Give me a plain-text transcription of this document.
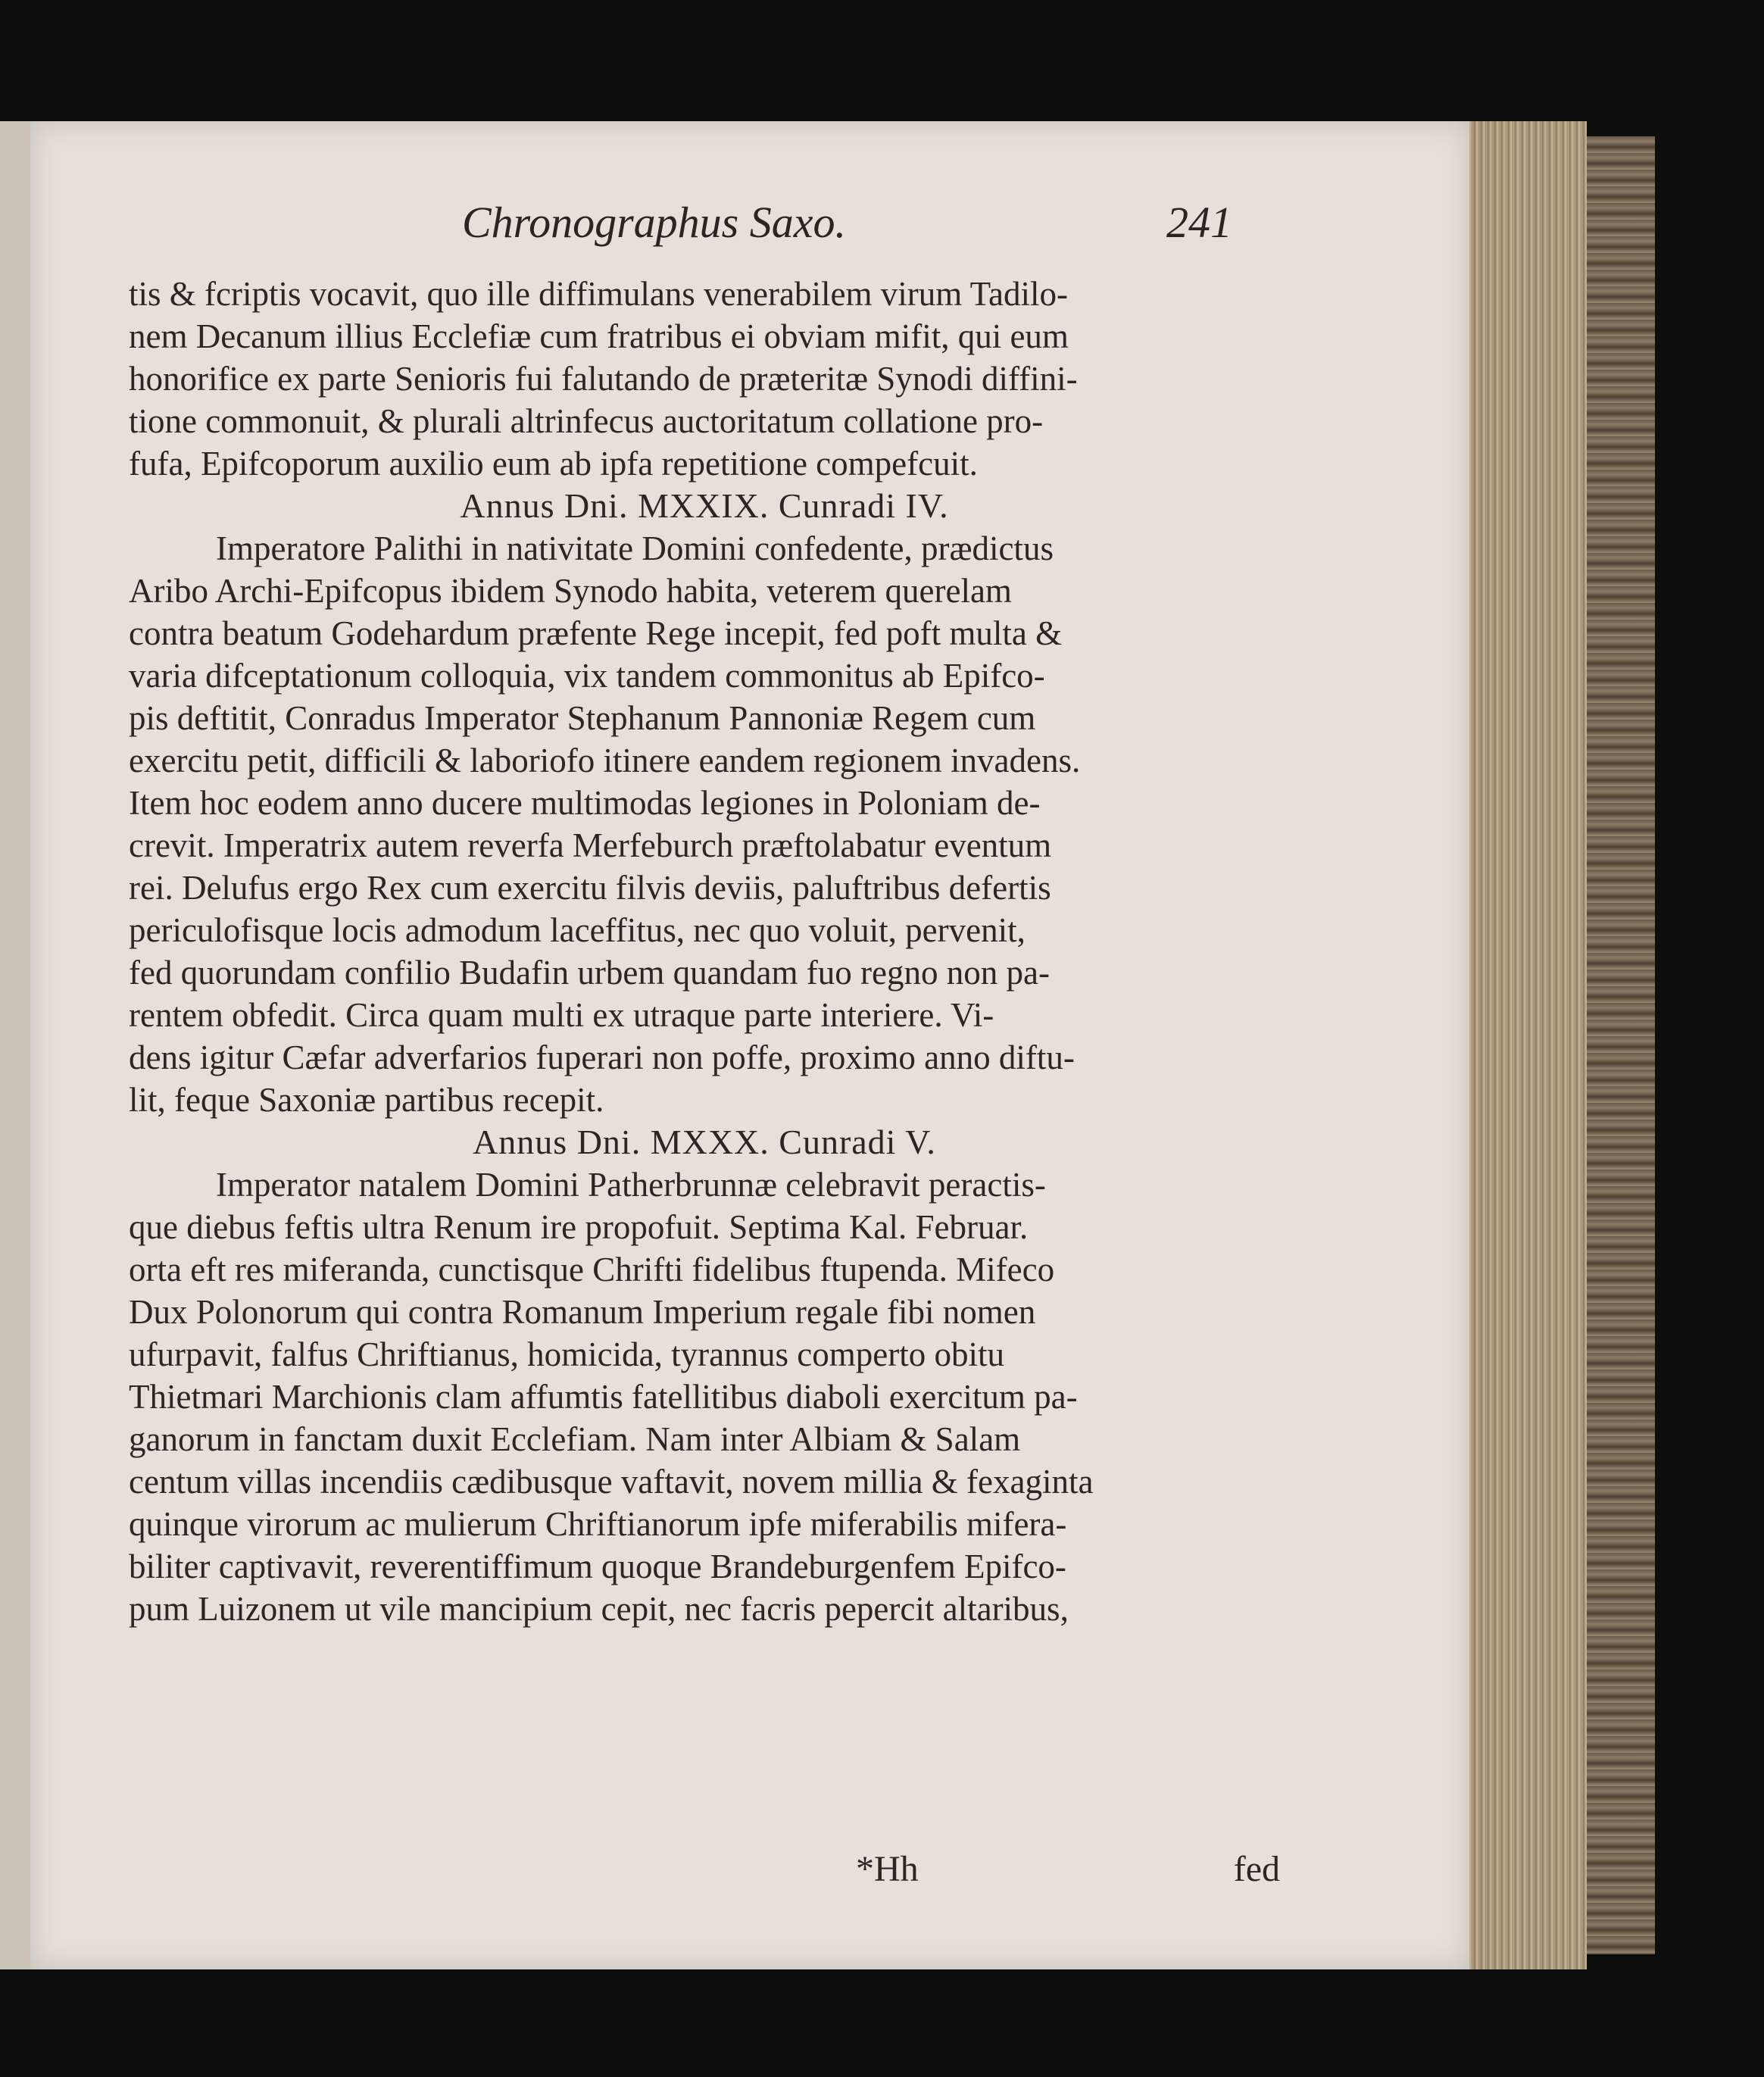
Chronographus Saxo.	241
tis & fcriptis vocavit, quo ille diffimulans venerabilem virum Tadilo-
nem Decanum illius Ecclefiæ cum fratribus ei obviam mifit, qui eum
honorifice ex parte Senioris fui falutando de præteritæ Synodi diffini-
tione commonuit, & plurali altrinfecus auctoritatum collatione pro-
fufa, Epifcoporum auxilio eum ab ipfa repetitione compefcuit.
Annus Dni. MXXIX. Cunradi IV.
Imperatore Palithi in nativitate Domini confedente, prædictus
Aribo Archi-Epifcopus ibidem Synodo habita, veterem querelam
contra beatum Godehardum præfente Rege incepit, fed poft multa &
varia difceptationum colloquia, vix tandem commonitus ab Epifco-
pis deftitit, Conradus Imperator Stephanum Pannoniæ Regem cum
exercitu petit, difficili & laboriofo itinere eandem regionem invadens.
Item hoc eodem anno ducere multimodas legiones in Poloniam de-
crevit. Imperatrix autem reverfa Merfeburch præftolabatur eventum
rei. Delufus ergo Rex cum exercitu filvis deviis, paluftribus defertis
periculofisque locis admodum laceffitus, nec quo voluit, pervenit,
fed quorundam confilio Budafin urbem quandam fuo regno non pa-
rentem obfedit. Circa quam multi ex utraque parte interiere. Vi-
dens igitur Cæfar adverfarios fuperari non poffe, proximo anno diftu-
lit, feque Saxoniæ partibus recepit.
Annus Dni. MXXX. Cunradi V.
Imperator natalem Domini Patherbrunnæ celebravit peractis-
que diebus feftis ultra Renum ire propofuit. Septima Kal. Februar.
orta eft res miferanda, cunctisque Chrifti fidelibus ftupenda. Mifeco
Dux Polonorum qui contra Romanum Imperium regale fibi nomen
ufurpavit, falfus Chriftianus, homicida, tyrannus comperto obitu
Thietmari Marchionis clam affumtis fatellitibus diaboli exercitum pa-
ganorum in fanctam duxit Ecclefiam. Nam inter Albiam & Salam
centum villas incendiis cædibusque vaftavit, novem millia & fexaginta
quinque virorum ac mulierum Chriftianorum ipfe miferabilis mifera-
biliter captivavit, reverentiffimum quoque Brandeburgenfem Epifco-
pum Luizonem ut vile mancipium cepit, nec facris pepercit altaribus,
*Hh	fed
